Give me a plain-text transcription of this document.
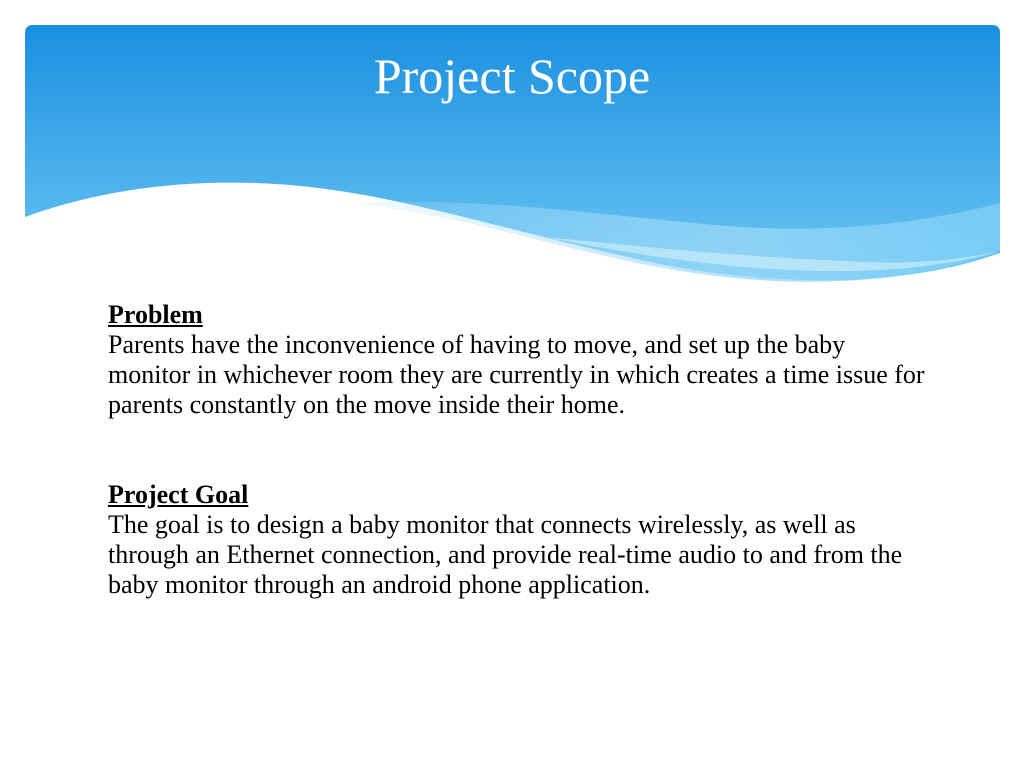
Project Scope

Problem
Parents have the inconvenience of having to move, and set up the baby monitor in whichever room they are currently in which creates a time issue for parents constantly on the move inside their home.

Project Goal
The goal is to design a baby monitor that connects wirelessly, as well as through an Ethernet connection, and provide real-time audio to and from the baby monitor through an android phone application.
